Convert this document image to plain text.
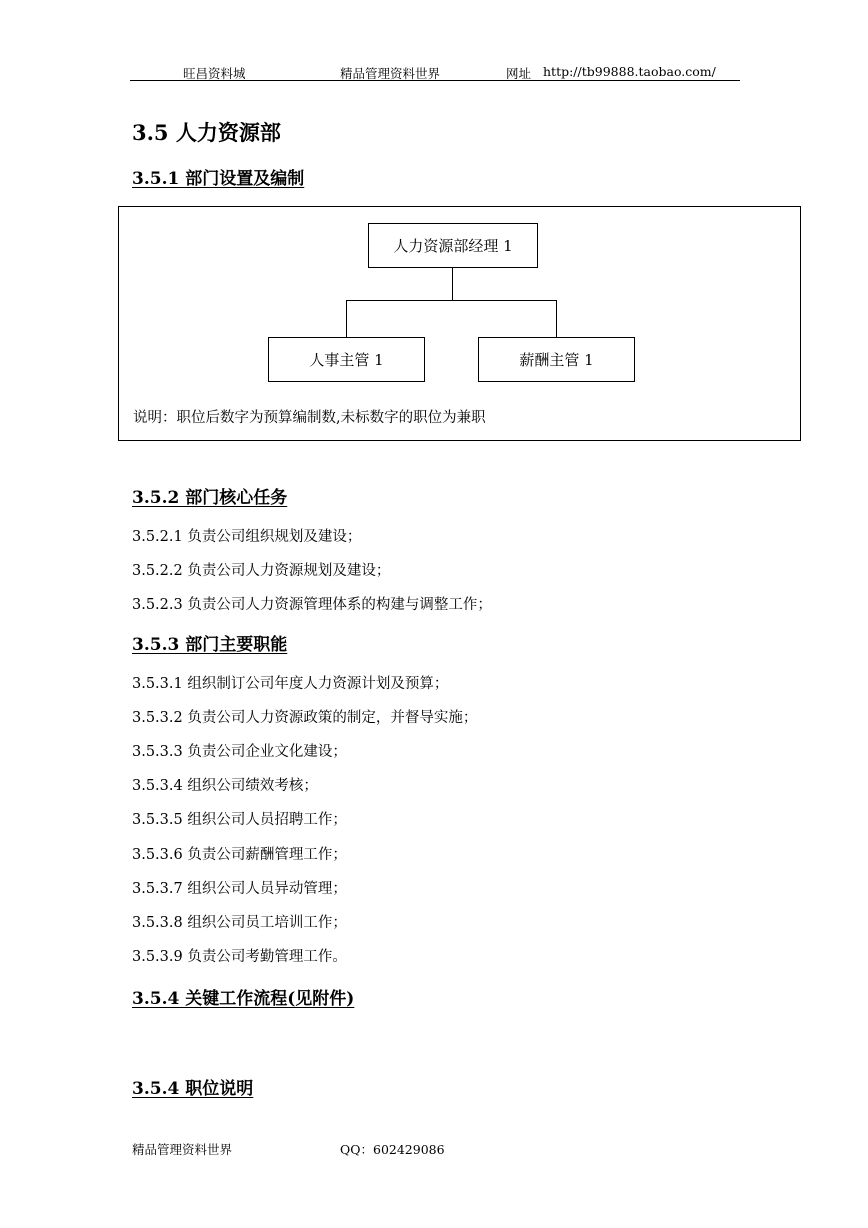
旺昌资料城	精品管理资料世界	网址 http://tb99888.taobao.com/
3.5 人力资源部
3.5.1 部门设置及编制
人力资源部经理 1
人事主管 1	薪酬主管 1
说明：职位后数字为预算编制数,未标数字的职位为兼职
3.5.2 部门核心任务
3.5.2.1 负责公司组织规划及建设；
3.5.2.2 负责公司人力资源规划及建设；
3.5.2.3 负责公司人力资源管理体系的构建与调整工作；
3.5.3 部门主要职能
3.5.3.1 组织制订公司年度人力资源计划及预算；
3.5.3.2 负责公司人力资源政策的制定，并督导实施；
3.5.3.3 负责公司企业文化建设；
3.5.3.4 组织公司绩效考核；
3.5.3.5 组织公司人员招聘工作；
3.5.3.6 负责公司薪酬管理工作；
3.5.3.7 组织公司人员异动管理；
3.5.3.8 组织公司员工培训工作；
3.5.3.9 负责公司考勤管理工作。
3.5.4 关键工作流程(见附件)
3.5.4 职位说明
精品管理资料世界	QQ：602429086
